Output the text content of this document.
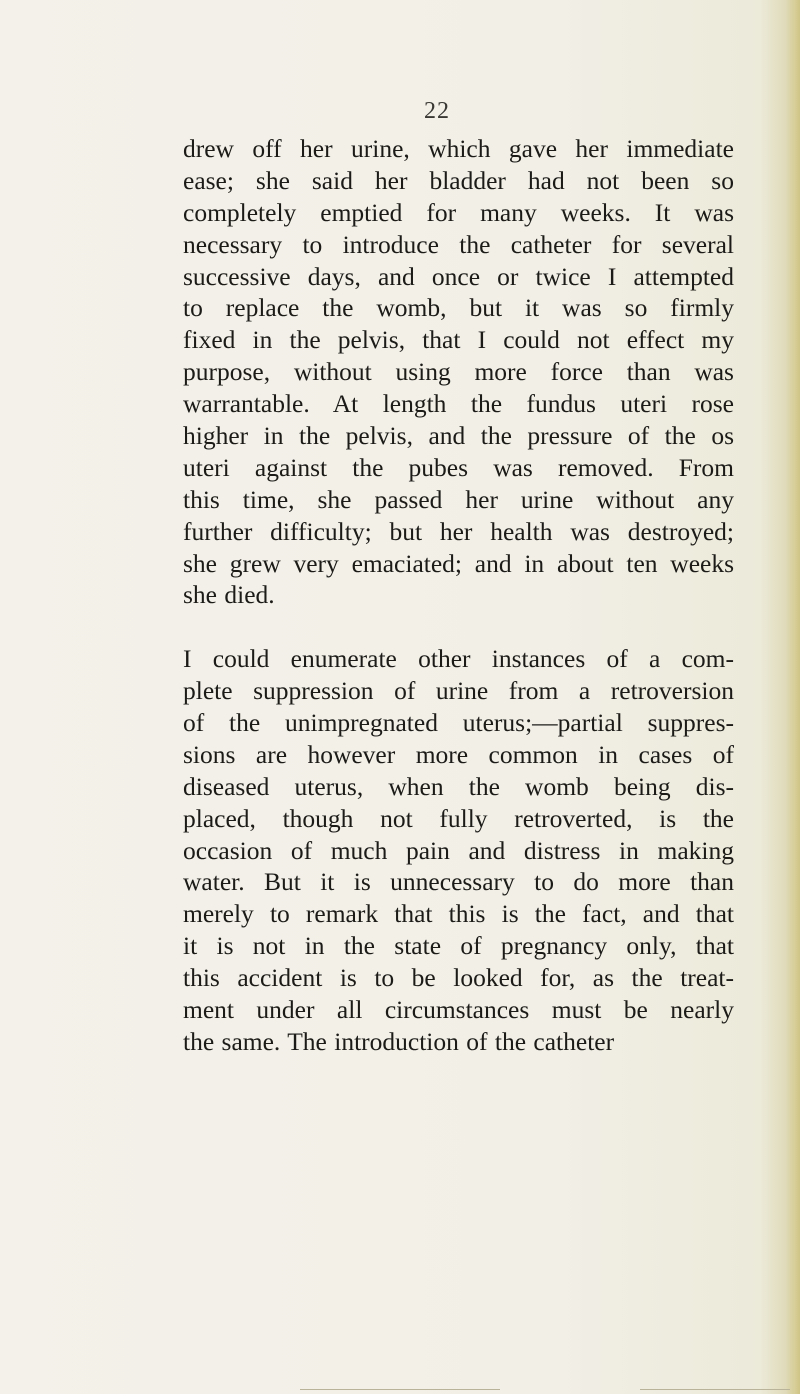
22
drew off her urine, which gave her immediate
ease; she said her bladder had not been so
completely emptied for many weeks. It was
necessary to introduce the catheter for several
successive days, and once or twice I attempted
to replace the womb, but it was so firmly
fixed in the pelvis, that I could not effect my
purpose, without using more force than was
warrantable. At length the fundus uteri rose
higher in the pelvis, and the pressure of the os
uteri against the pubes was removed. From
this time, she passed her urine without any
further difficulty; but her health was destroyed;
she grew very emaciated; and in about ten weeks
she died.
I could enumerate other instances of a com-
plete suppression of urine from a retroversion
of the unimpregnated uterus;—partial suppres-
sions are however more common in cases of
diseased uterus, when the womb being dis-
placed, though not fully retroverted, is the
occasion of much pain and distress in making
water. But it is unnecessary to do more than
merely to remark that this is the fact, and that
it is not in the state of pregnancy only, that
this accident is to be looked for, as the treat-
ment under all circumstances must be nearly
the same. The introduction of the catheter
